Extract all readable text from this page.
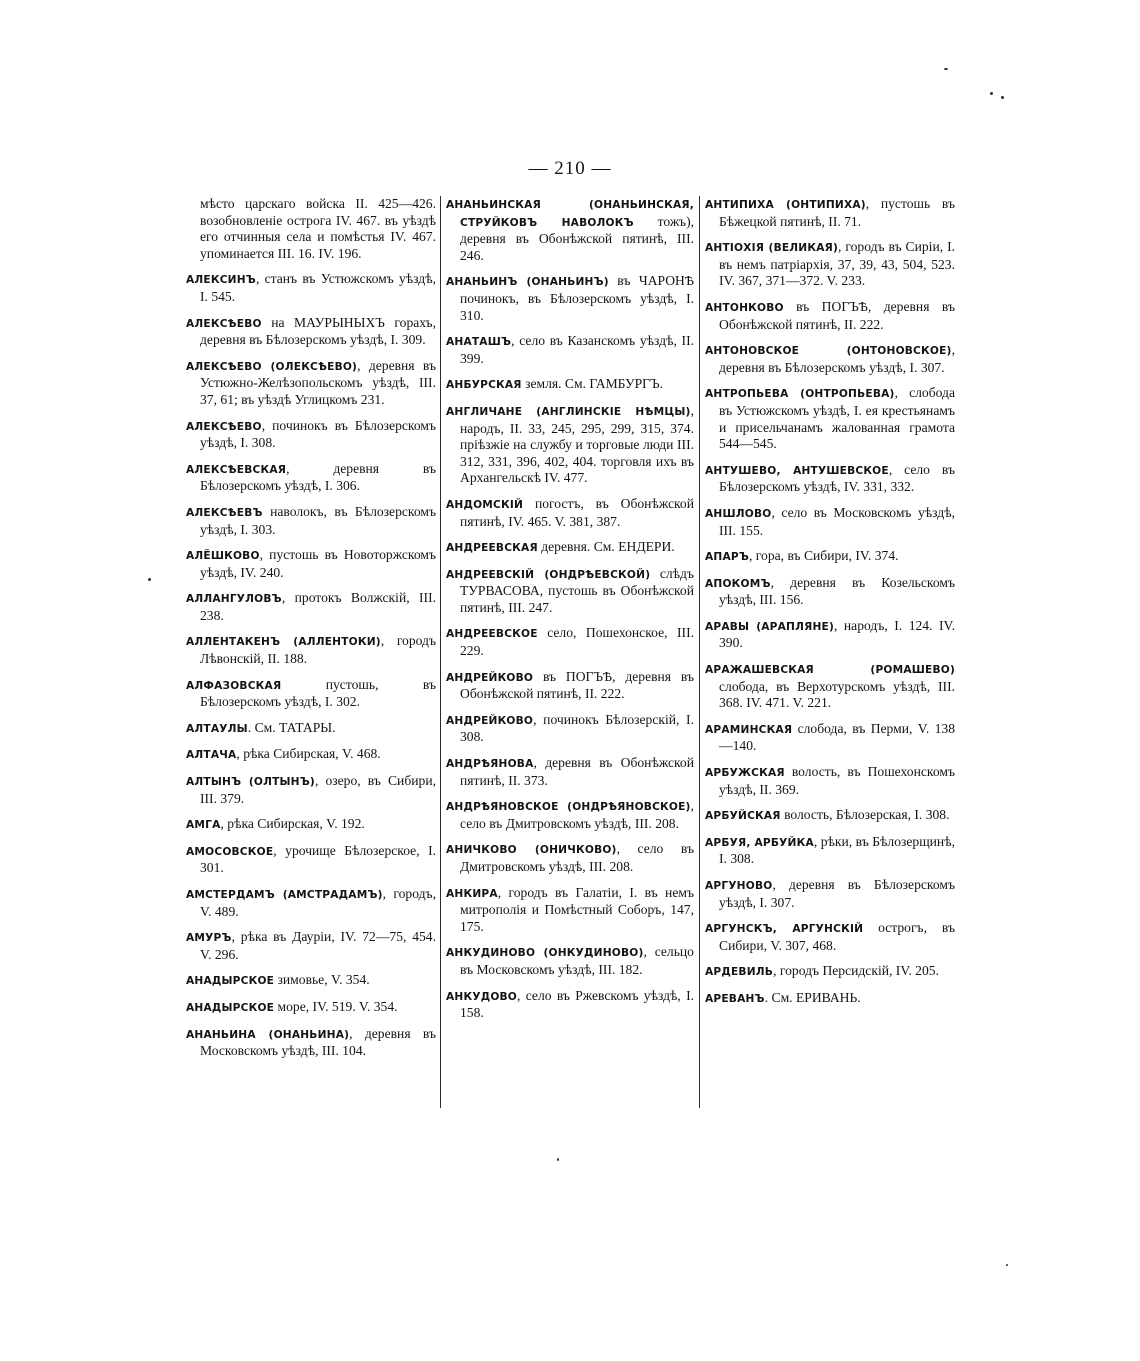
— 210 —

мѣсто царскаго войска II. 425—426. возобновленіе острога IV. 467. въ уѣздѣ его отчинныя села и помѣстья IV. 467. упоминается III. 16. IV. 196.

АЛЕКСИНЪ, станъ въ Устюжскомъ уѣздѣ, I. 545.

АЛЕКСѢЕВО на МАУРЫНЫХЪ горахъ, деревня въ Бѣлозерскомъ уѣздѣ, I. 309.

АЛЕКСѢЕВО (ОЛЕКСѢЕВО), деревня въ Устюжно-Желѣзопольскомъ уѣздѣ, III. 37, 61; въ уѣздѣ Углицкомъ 231.

АЛЕКСѢЕВО, починокъ въ Бѣлозерскомъ уѣздѣ, I. 308.

АЛЕКСѢЕВСКАЯ, деревня въ Бѣлозерскомъ уѣздѣ, I. 306.

АЛЕКСѢЕВЪ наволокъ, въ Бѣлозерскомъ уѣздѣ, I. 303.

АЛЁШКОВО, пустошь въ Новоторжскомъ уѣздѣ, IV. 240.

АЛЛАНГУЛОВЪ, протокъ Волжскій, III. 238.

АЛЛЕНТАКЕНЪ (АЛЛЕНТОКИ), городъ Лѣвонскій, II. 188.

АЛФАЗОВСКАЯ пустошь, въ Бѣлозерскомъ уѣздѣ, I. 302.

АЛТАУЛЫ. См. ТАТАРЫ.

АЛТАЧА, рѣка Сибирская, V. 468.

АЛТЫНЪ (ОЛТЫНЪ), озеро, въ Сибири, III. 379.

АМГА, рѣка Сибирская, V. 192.

АМОСОВСКОЕ, урочище Бѣлозерское, I. 301.

АМСТЕРДАМЪ (АМСТРАДАМЪ), городъ, V. 489.

АМУРЪ, рѣка въ Дауріи, IV. 72—75, 454. V. 296.

АНАДЫРСКОЕ зимовье, V. 354.

АНАДЫРСКОЕ море, IV. 519. V. 354.

АНАНЬИНА (ОНАНЬИНА), деревня въ Московскомъ уѣздѣ, III. 104.

АНАНЬИНСКАЯ (ОНАНЬИНСКАЯ, СТРУЙКОВЪ НАВОЛОКЪ тожъ), деревня въ Обонѣжской пятинѣ, III. 246.

АНАНЬИНЪ (ОНАНЬИНЪ) въ ЧАРОНѢ починокъ, въ Бѣлозерскомъ уѣздѣ, I. 310.

АНАТАШЪ, село въ Казанскомъ уѣздѣ, II. 399.

АНБУРСКАЯ земля. См. ГАМБУРГЪ.

АНГЛИЧАНЕ (АНГЛИНСКІЕ НѢМЦЫ), народъ, II. 33, 245, 295, 299, 315, 374. пріѣзжіе на службу и торговые люди III. 312, 331, 396, 402, 404. торговля ихъ въ Архангельскѣ IV. 477.

АНДОМСКІЙ погостъ, въ Обонѣжской пятинѣ, IV. 465. V. 381, 387.

АНДРЕЕВСКАЯ деревня. См. ЕНДЕРИ.

АНДРЕЕВСКІЙ (ОНДРѢЕВСКОЙ) слѣдъ ТУРВАСОВА, пустошь въ Обонѣжской пятинѣ, III. 247.

АНДРЕЕВСКОЕ село, Пошехонское, III. 229.

АНДРЕЙКОВО въ ПОГЪѢ, деревня въ Обонѣжской пятинѣ, II. 222.

АНДРЕЙКОВО, починокъ Бѣлозерскій, I. 308.

АНДРѢЯНОВА, деревня въ Обонѣжской пятинѣ, II. 373.

АНДРѢЯНОВСКОЕ (ОНДРѢЯНОВСКОЕ), село въ Дмитровскомъ уѣздѣ, III. 208.

АНИЧКОВО (ОНИЧКОВО), село въ Дмитровскомъ уѣздѣ, III. 208.

АНКИРА, городъ въ Галатіи, I. въ немъ митрополія и Помѣстный Соборъ, 147, 175.

АНКУДИНОВО (ОНКУДИНОВО), сельцо въ Московскомъ уѣздѣ, III. 182.

АНКУДОВО, село въ Ржевскомъ уѣздѣ, I. 158.

АНТИПИХА (ОНТИПИХА), пустошь въ Бѣжецкой пятинѣ, II. 71.

АНТІОХІЯ (ВЕЛИКАЯ), городъ въ Сиріи, I. въ немъ патріархія, 37, 39, 43, 504, 523. IV. 367, 371—372. V. 233.

АНТОНКОВО въ ПОГЪѢ, деревня въ Обонѣжской пятинѣ, II. 222.

АНТОНОВСКОЕ (ОНТОНОВСКОЕ), деревня въ Бѣлозерскомъ уѣздѣ, I. 307.

АНТРОПЬЕВА (ОНТРОПЬЕВА), слобода въ Устюжскомъ уѣздѣ, I. ея крестьянамъ и присельчанамъ жалованная грамота 544—545.

АНТУШЕВО, АНТУШЕВСКОЕ, село въ Бѣлозерскомъ уѣздѣ, IV. 331, 332.

АНШЛОВО, село въ Московскомъ уѣздѣ, III. 155.

АПАРЪ, гора, въ Сибири, IV. 374.

АПОКОМЪ, деревня въ Козельскомъ уѣздѣ, III. 156.

АРАВЫ (АРАПЛЯНЕ), народъ, I. 124. IV. 390.

АРАЖАШЕВСКАЯ (РОМАШЕВО) слобода, въ Верхотурскомъ уѣздѣ, III. 368. IV. 471. V. 221.

АРАМИНСКАЯ слобода, въ Перми, V. 138—140.

АРБУЖСКАЯ волость, въ Пошехонскомъ уѣздѣ, II. 369.

АРБУЙСКАЯ волость, Бѣлозерская, I. 308.

АРБУЯ, АРБУЙКА, рѣки, въ Бѣлозерщинѣ, I. 308.

АРГУНОВО, деревня въ Бѣлозерскомъ уѣздѣ, I. 307.

АРГУНСКЪ, АРГУНСКІЙ острогъ, въ Сибири, V. 307, 468.

АРДЕВИЛЬ, городъ Персидскій, IV. 205.

АРЕВАНЪ. См. ЕРИВАНЬ.
